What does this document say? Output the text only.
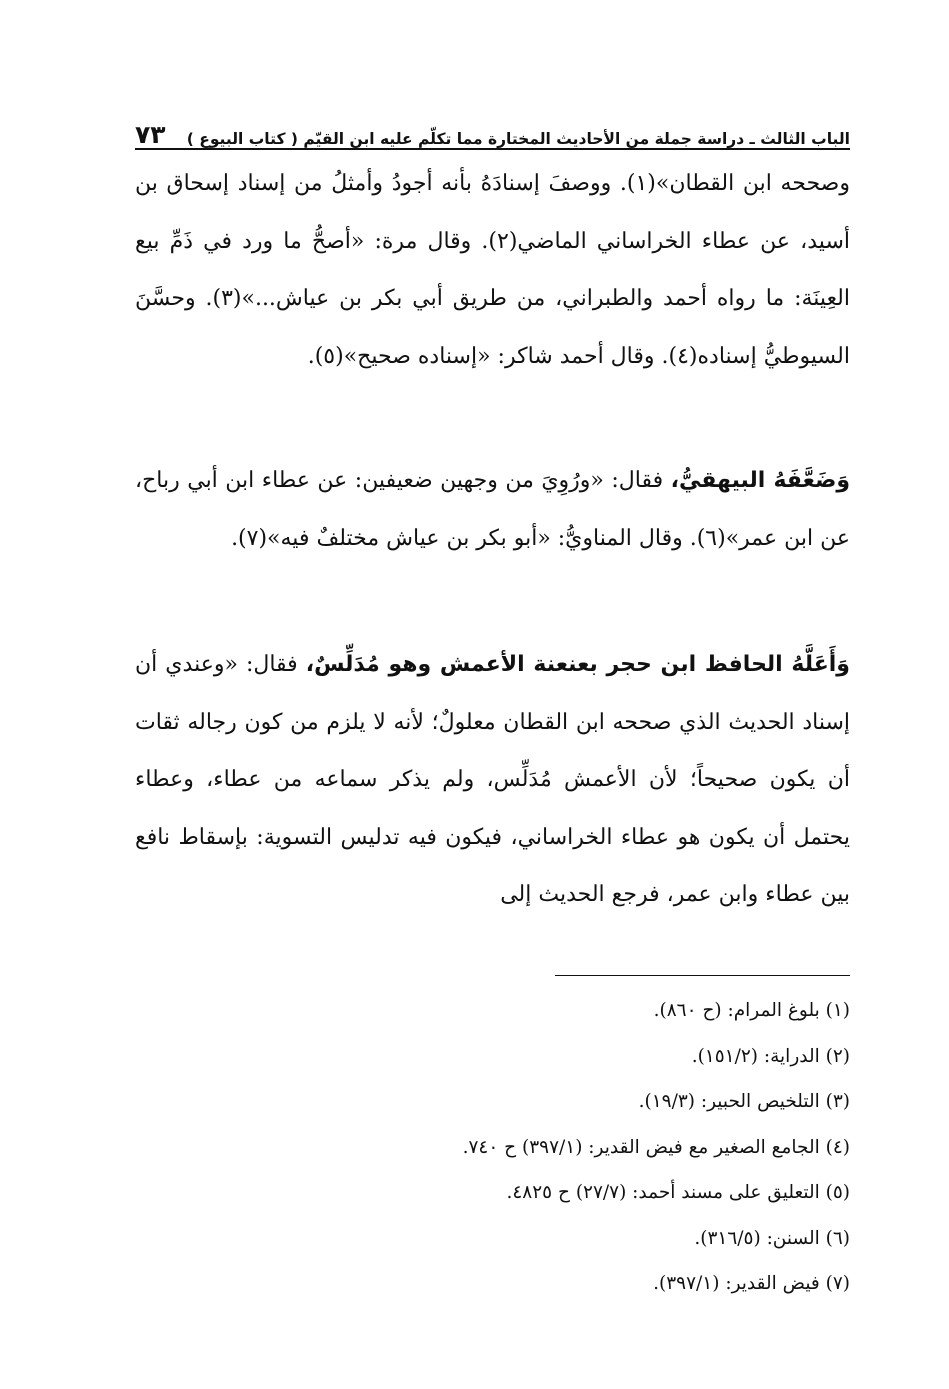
الباب الثالث ـ دراسة جملة من الأحاديث المختارة مما تكلّم عليه ابن القيّم ( كتاب البيوع )
٧٣

وصححه ابن القطان»(١). ووصفَ إسنادَهُ بأنه أجودُ وأمثلُ من إسناد إسحاق بن أسيد، عن عطاء الخراساني الماضي(٢). وقال مرة: «أصحُّ ما ورد في ذَمِّ بيع العِينَة: ما رواه أحمد والطبراني، من طريق أبي بكر بن عياش...»(٣). وحسَّنَ السيوطيُّ إسناده(٤). وقال أحمد شاكر: «إسناده صحيح»(٥).

وَضَعَّفَهُ البيهقيُّ، فقال: «ورُوِيَ من وجهين ضعيفين: عن عطاء ابن أبي رباح، عن ابن عمر»(٦). وقال المناويُّ: «أبو بكر بن عياش مختلفٌ فيه»(٧).

وَأَعَلَّهُ الحافظ ابن حجر بعنعنة الأعمش وهو مُدَلِّسٌ، فقال: «وعندي أن إسناد الحديث الذي صححه ابن القطان معلولٌ؛ لأنه لا يلزم من كون رجاله ثقات أن يكون صحيحاً؛ لأن الأعمش مُدَلِّس، ولم يذكر سماعه من عطاء، وعطاء يحتمل أن يكون هو عطاء الخراساني، فيكون فيه تدليس التسوية: بإسقاط نافع بين عطاء وابن عمر، فرجع الحديث إلى

(١) بلوغ المرام: (ح ٨٦٠).
(٢) الدراية: (١٥١/٢).
(٣) التلخيص الحبير: (١٩/٣).
(٤) الجامع الصغير مع فيض القدير: (٣٩٧/١) ح ٧٤٠.
(٥) التعليق على مسند أحمد: (٢٧/٧) ح ٤٨٢٥.
(٦) السنن: (٣١٦/٥).
(٧) فيض القدير: (٣٩٧/١).
